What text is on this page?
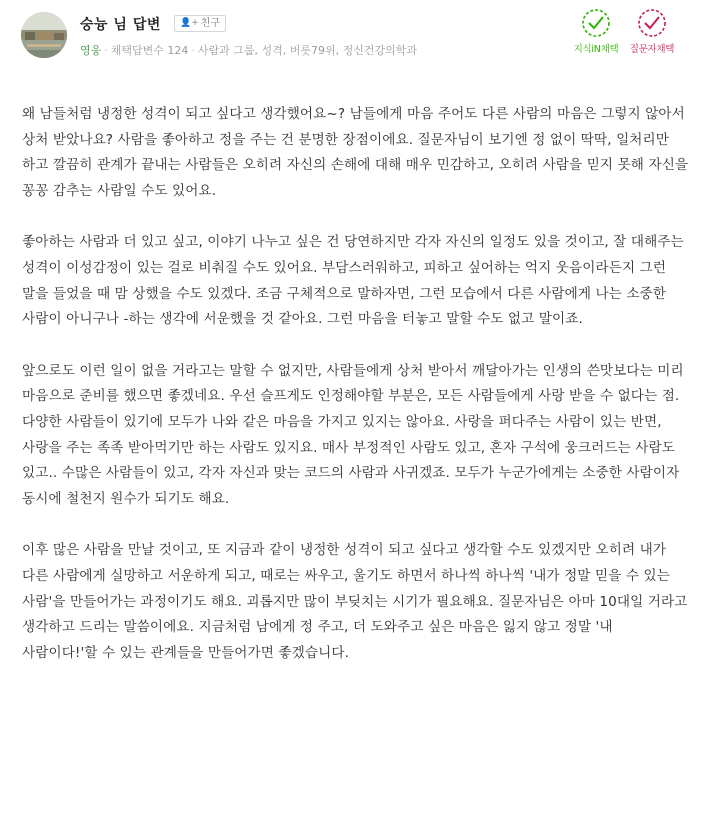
숭늉 님 답변 👤+ 친구
영웅 · 채택답변수 124 · 사람과 그룹, 성격, 버릇79위, 정신건강의학과	지식iN채택	질문자채택

왜 남들처럼 냉정한 성격이 되고 싶다고 생각했어요~? 남들에게 마음 주어도 다른 사람의 마음은 그렇지 않아서 상처 받았나요? 사람을 좋아하고 정을 주는 건 분명한 장점이에요. 질문자님이 보기엔 정 없이 딱딱, 일처리만 하고 깔끔히 관계가 끝내는 사람들은 오히려 자신의 손해에 대해 매우 민감하고, 오히려 사람을 믿지 못해 자신을 꽁꽁 감추는 사람일 수도 있어요.

좋아하는 사람과 더 있고 싶고, 이야기 나누고 싶은 건 당연하지만 각자 자신의 일정도 있을 것이고, 잘 대해주는 성격이 이성감정이 있는 걸로 비춰질 수도 있어요. 부담스러워하고, 피하고 싶어하는 억지 웃음이라든지 그런 말을 들었을 때 맘 상했을 수도 있겠다. 조금 구체적으로 말하자면, 그런 모습에서 다른 사람에게 나는 소중한 사람이 아니구나 -하는 생각에 서운했을 것 같아요. 그런 마음을 터놓고 말할 수도 없고 말이죠.

앞으로도 이런 일이 없을 거라고는 말할 수 없지만, 사람들에게 상처 받아서 깨달아가는 인생의 쓴맛보다는 미리 마음으로 준비를 했으면 좋겠네요. 우선 슬프게도 인정해야할 부분은, 모든 사람들에게 사랑 받을 수 없다는 점. 다양한 사람들이 있기에 모두가 나와 같은 마음을 가지고 있지는 않아요. 사랑을 퍼다주는 사람이 있는 반면, 사랑을 주는 족족 받아먹기만 하는 사람도 있지요. 매사 부정적인 사람도 있고, 혼자 구석에 웅크러드는 사람도 있고.. 수많은 사람들이 있고, 각자 자신과 맞는 코드의 사람과 사귀겠죠. 모두가 누군가에게는 소중한 사람이자 동시에 철천지 원수가 되기도 해요.

이후 많은 사람을 만날 것이고, 또 지금과 같이 냉정한 성격이 되고 싶다고 생각할 수도 있겠지만 오히려 내가 다른 사람에게 실망하고 서운하게 되고, 때로는 싸우고, 울기도 하면서 하나씩 하나씩 '내가 정말 믿을 수 있는 사람'을 만들어가는 과정이기도 해요. 괴롭지만 많이 부딪치는 시기가 필요해요. 질문자님은 아마 10대일 거라고 생각하고 드리는 말씀이에요. 지금처럼 남에게 정 주고, 더 도와주고 싶은 마음은 잃지 않고 정말 '내 사람이다!'할 수 있는 관계들을 만들어가면 좋겠습니다.
